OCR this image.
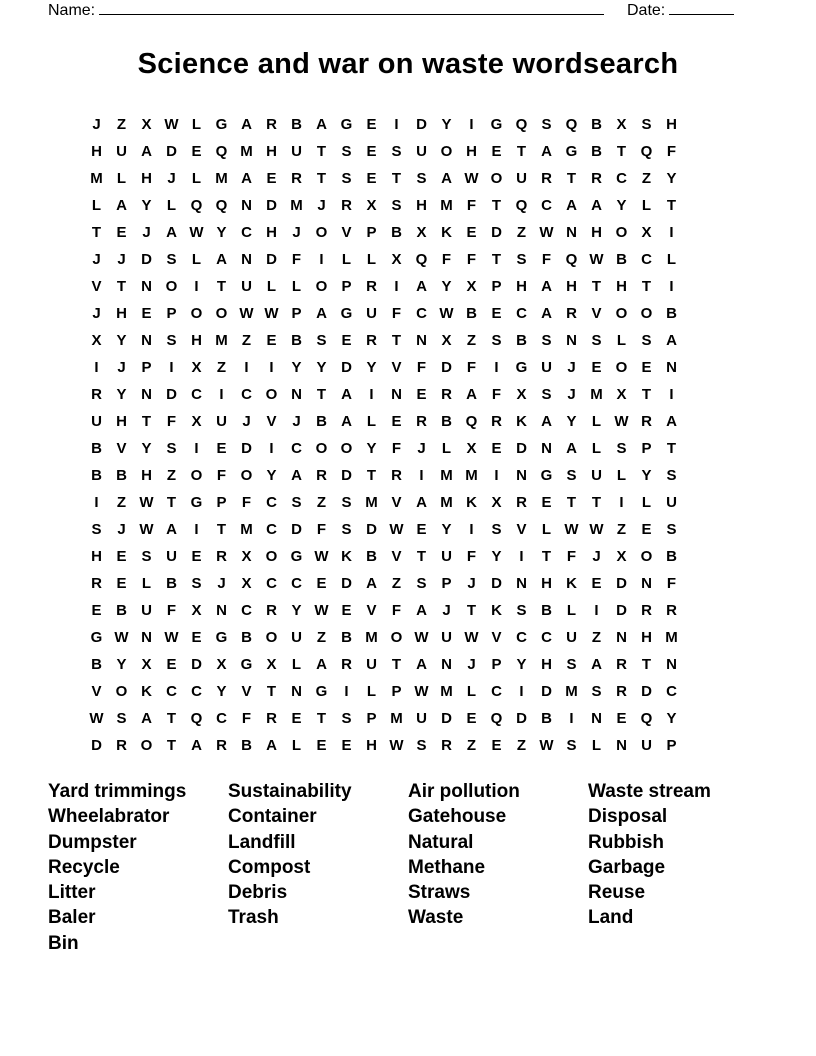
Name:	Date:
Science and war on waste wordsearch
J	Z	X W L G A R B A G E	I	D Y	I	G Q S Q B X S H
H U A D E Q M H U T	S E S U O H E	T	A G B T Q F
M L	H	J	L M A E R T	S E	T	S A W O U R T	R C Z	Y
L	A Y	L Q Q N D M J	R X S H M F	T Q C A A Y	L	T
T	E	J	A W Y C H	J O V P B X K E D Z W N H O X	I
J	J	D S	L	A N D F	I	L	L	X Q F	F	T	S	F Q W B C L
V	T	N O	I	T	U L	L O P R	I	A Y X P H A H T	H T	I
J	H E P O O W W P A G U F	C W B E C A R V O O B
X Y N S H M Z	E B S E R T	N X	Z	S B S N S	L	S A
I	J	P	I	X	Z	I	I	Y Y D Y V	F	D F	I	G U	J	E O E N
R Y N D C	I	C O N T	A	I	N E R A F	X S	J M X	T	I
U H T	F	X U	J	V	J	B A L	E R B Q R K A Y	L W R A
B V Y S	I	E D	I	C O O Y	F	J	L	X E D N A L	S P	T
B B H Z O F O Y A R D T	R	I	M M	I	N G S U L	Y S
I	Z W T G P	F	C S	Z	S M V A M K X R E	T	T	I	L	U
S	J W A	I	T M C D F	S D W E Y	I	S V	L W W Z	E S
H E S U E R X O G W K B V	T	U F	Y	I	T	F	J	X O B
R E	L	B S	J	X C C E D A Z	S P	J	D N H K E D N F
E B U F	X N C R Y W E V	F	A	J	T	K S B L	I	D R R
G W N W E G B O U Z	B M O W U W V C C U Z	N H M
B Y X E D X G X	L	A R U T	A N	J	P Y H S A R T	N
V O K C C Y V	T	N G	I	L	P W M L	C	I	D M S R D C
W S A T Q C F	R E	T	S P M U D E Q D B	I	N E Q Y
D R O T	A R B A L	E E H W S R Z	E	Z W S	L	N U P
Yard trimmings
Wheelabrator
Dumpster
Recycle
Litter
Baler
Bin
Sustainability
Container
Landfill
Compost
Debris
Trash
Air pollution
Gatehouse
Natural
Methane
Straws
Waste
Waste stream
Disposal
Rubbish
Garbage
Reuse
Land
